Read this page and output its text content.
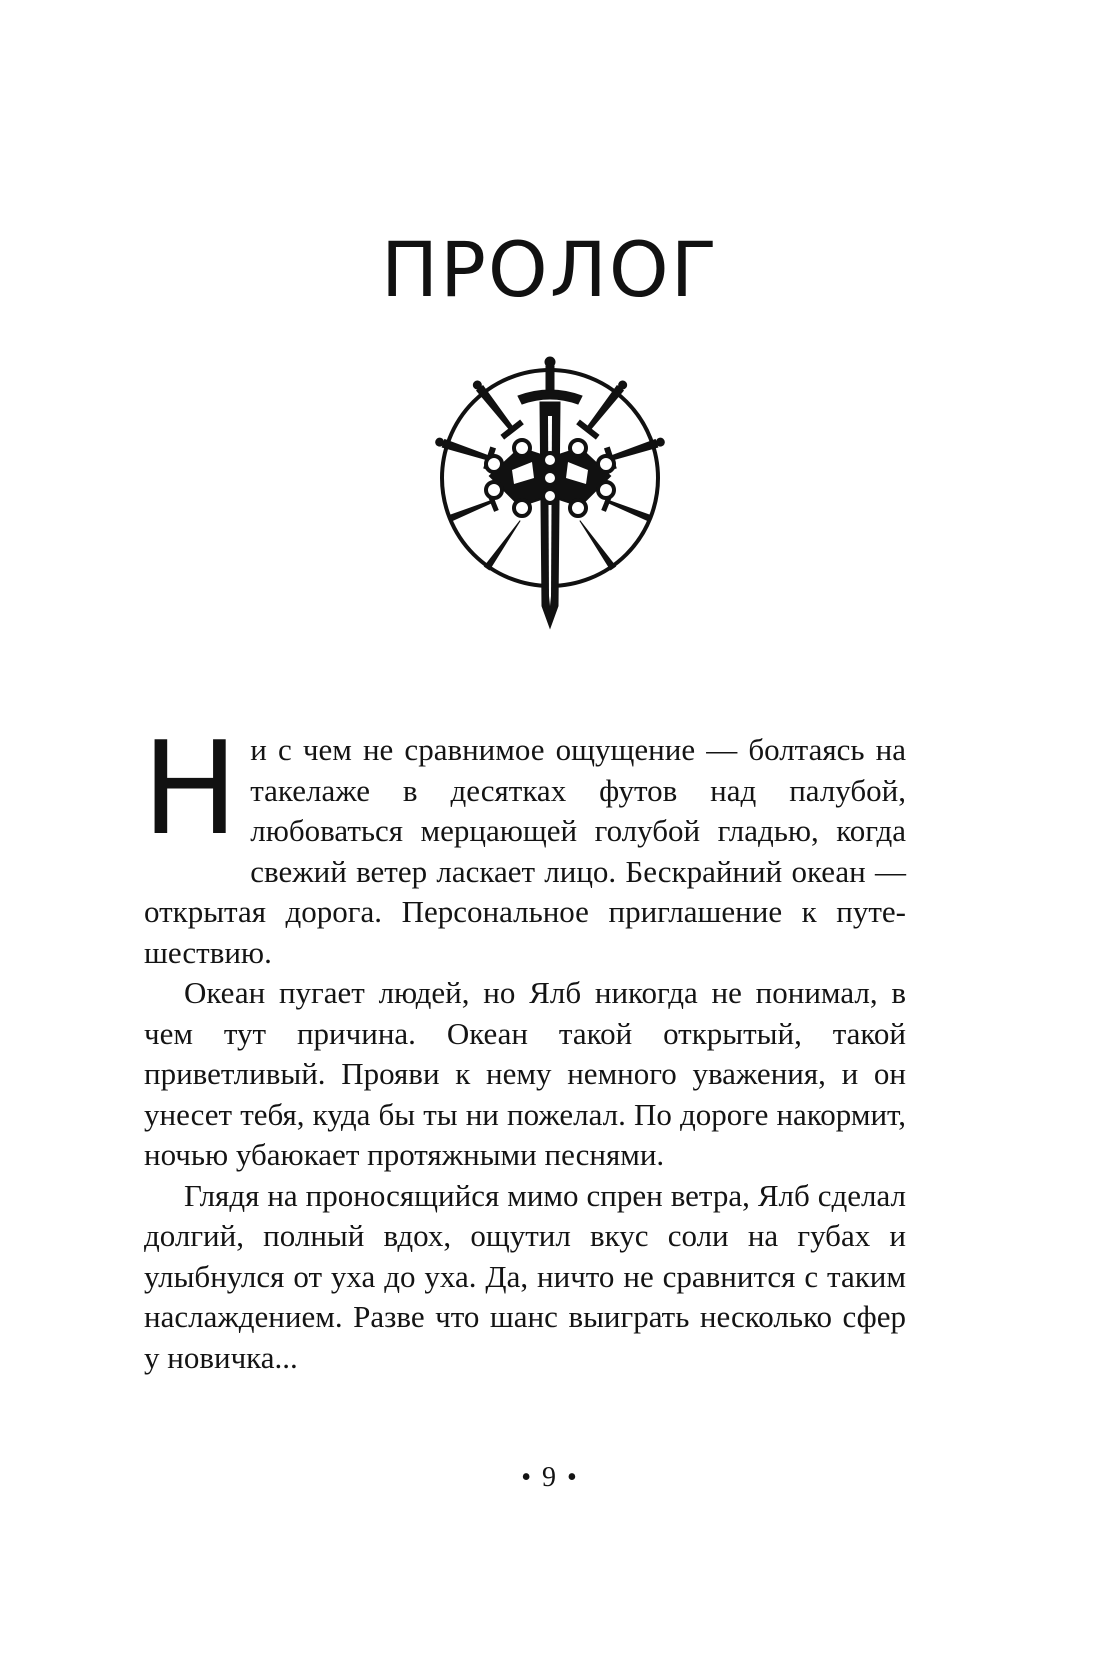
ПРОЛОГ

Ни с чем не сравнимое ощущение — болтаясь на такелаже в десятках футов над палубой, любоваться мерцающей голубой гладью, когда свежий ветер ласкает лицо. Бескрайний океан — открытая дорога. Персональное приглашение к путешествию.

Океан пугает людей, но Ялб никогда не понимал, в чем тут причина. Океан такой открытый, такой приветливый. Прояви к нему немного уважения, и он унесет тебя, куда бы ты ни пожелал. По дороге накормит, ночью убаюкает протяжными песнями.

Глядя на проносящийся мимо спрен ветра, Ялб сделал долгий, полный вдох, ощутил вкус соли на губах и улыбнулся от уха до уха. Да, ничто не сравнится с таким наслаждением. Разве что шанс выиграть несколько сфер у новичка...

• 9 •
